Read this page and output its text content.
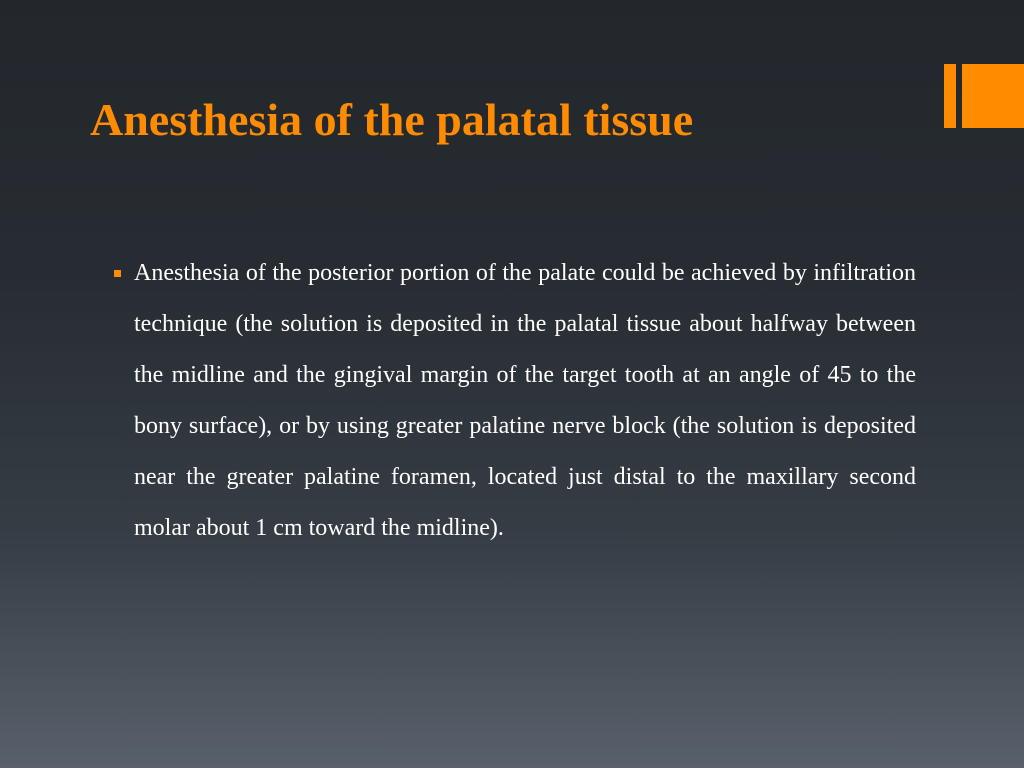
Anesthesia of the palatal tissue

Anesthesia of the posterior portion of the palate could be achieved by infiltration technique (the solution is deposited in the palatal tissue about halfway between the midline and the gingival margin of the target tooth at an angle of 45 to the bony surface), or by using greater palatine nerve block (the solution is deposited near the greater palatine foramen, located just distal to the maxillary second molar about 1 cm toward the midline).
